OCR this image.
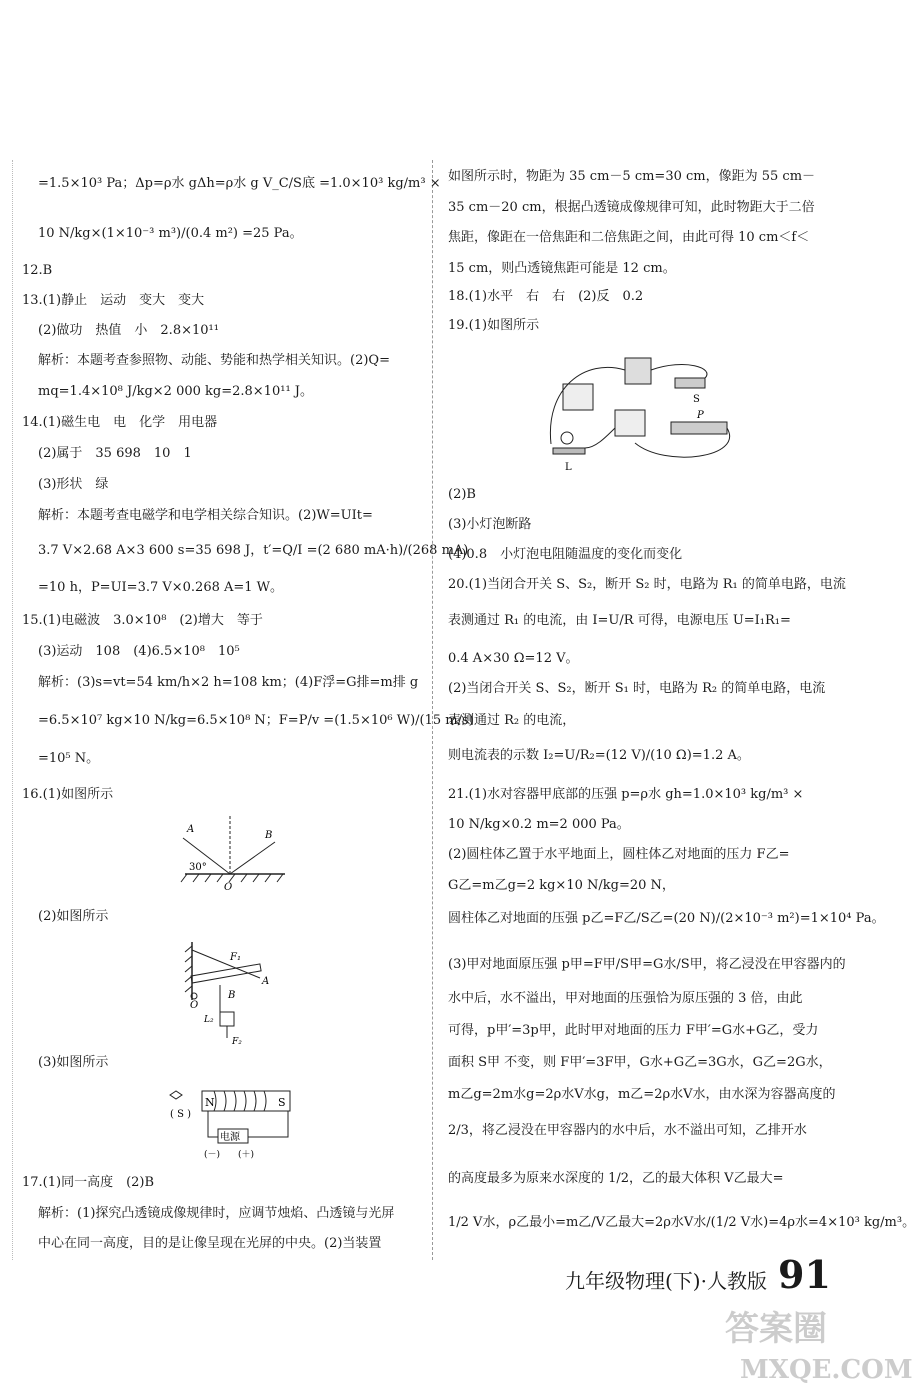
=1.5×10³ Pa；Δp=ρ水 gΔh=ρ水 g V_C/S底 =1.0×10³ kg/m³ ×
10 N/kg×(1×10⁻³ m³)/(0.4 m²) =25 Pa。
12.B
13.(1)静止　运动　变大　变大
(2)做功　热值　小　2.8×10¹¹
解析：本题考查参照物、动能、势能和热学相关知识。(2)Q=
mq=1.4×10⁸ J/kg×2 000 kg=2.8×10¹¹ J。
14.(1)磁生电　电　化学　用电器
(2)属于　35 698　10　1
(3)形状　绿
解析：本题考查电磁学和电学相关综合知识。(2)W=UIt=
3.7 V×2.68 A×3 600 s=35 698 J，t′=Q/I =(2 680 mA·h)/(268 mA)
=10 h，P=UI=3.7 V×0.268 A=1 W。
15.(1)电磁波　3.0×10⁸　(2)增大　等于
(3)运动　108　(4)6.5×10⁸　10⁵
解析：(3)s=vt=54 km/h×2 h=108 km；(4)F浮=G排=m排 g
=6.5×10⁷ kg×10 N/kg=6.5×10⁸ N；F=P/v =(1.5×10⁶ W)/(15 m/s)
=10⁵ N。
16.(1)如图所示
(2)如图所示
(3)如图所示
17.(1)同一高度　(2)B
解析：(1)探究凸透镜成像规律时，应调节烛焰、凸透镜与光屏
中心在同一高度，目的是让像呈现在光屏的中央。(2)当装置
如图所示时，物距为 35 cm－5 cm=30 cm，像距为 55 cm－
35 cm－20 cm，根据凸透镜成像规律可知，此时物距大于二倍
焦距，像距在一倍焦距和二倍焦距之间，由此可得 10 cm＜f＜
15 cm，则凸透镜焦距可能是 12 cm。
18.(1)水平　右　右　(2)反　0.2
19.(1)如图所示
(2)B
(3)小灯泡断路
(4)0.8　小灯泡电阻随温度的变化而变化
20.(1)当闭合开关 S、S₂，断开 S₂ 时，电路为 R₁ 的简单电路，电流
表测通过 R₁ 的电流，由 I=U/R 可得，电源电压 U=I₁R₁=
0.4 A×30 Ω=12 V。
(2)当闭合开关 S、S₂，断开 S₁ 时，电路为 R₂ 的简单电路，电流
表测通过 R₂ 的电流，
则电流表的示数 I₂=U/R₂=(12 V)/(10 Ω)=1.2 A。
21.(1)水对容器甲底部的压强 p=ρ水 gh=1.0×10³ kg/m³ ×
10 N/kg×0.2 m=2 000 Pa。
(2)圆柱体乙置于水平地面上，圆柱体乙对地面的压力 F乙=
G乙=m乙g=2 kg×10 N/kg=20 N，
圆柱体乙对地面的压强 p乙=F乙/S乙=(20 N)/(2×10⁻³ m²)=1×10⁴ Pa。
(3)甲对地面原压强 p甲=F甲/S甲=G水/S甲，将乙浸没在甲容器内的
水中后，水不溢出，甲对地面的压强恰为原压强的 3 倍，由此
可得，p甲′=3p甲，此时甲对地面的压力 F甲′=G水+G乙，受力
面积 S甲 不变，则 F甲′=3F甲，G水+G乙=3G水，G乙=2G水，
m乙g=2m水g=2ρ水V水g，m乙=2ρ水V水，由水深为容器高度的
2/3，将乙浸没在甲容器内的水中后，水不溢出可知，乙排开水
的高度最多为原来水深度的 1/2，乙的最大体积 V乙最大=
1/2 V水，ρ乙最小=m乙/V乙最大=2ρ水V水/(1/2 V水)=4ρ水=4×10³ kg/m³。
A
B
30°
O
F₁
A
B
O
L₂
F₂
N	S
( S )
电源
(－) (＋)
S
P
L
九年级物理(下)·人教版 91
答案圈
MXQE.COM
